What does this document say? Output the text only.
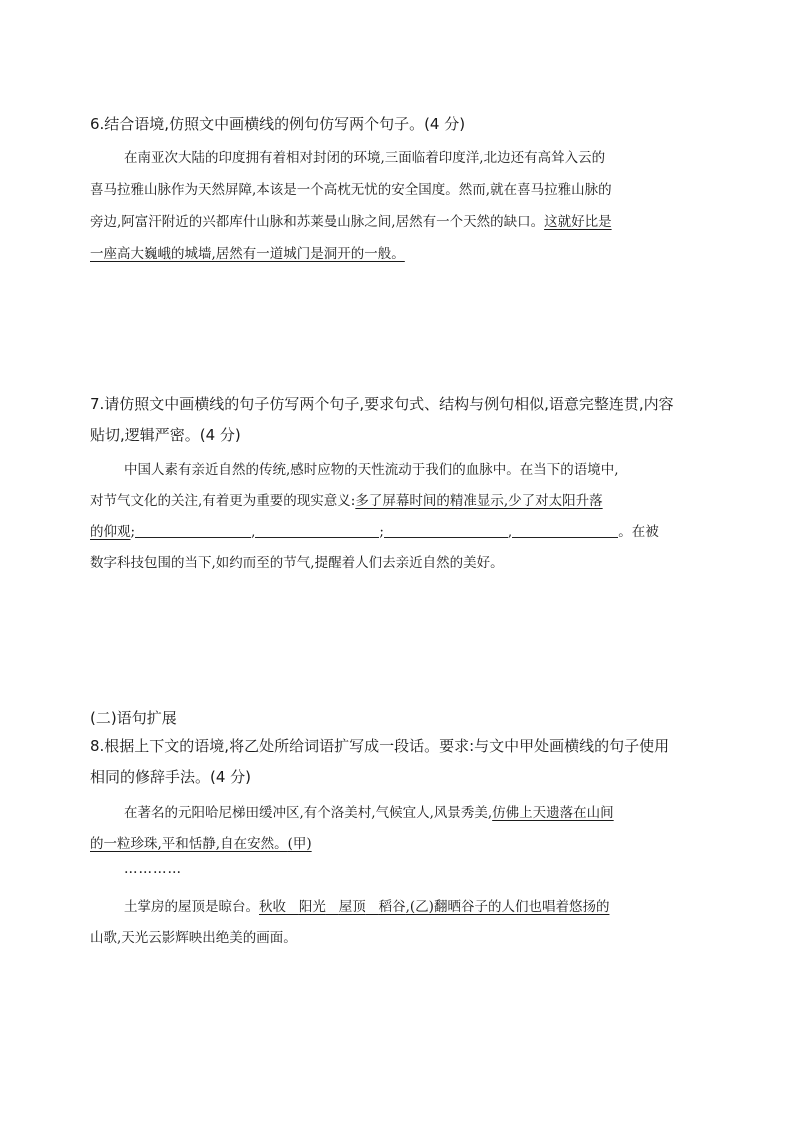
6.结合语境,仿照文中画横线的例句仿写两个句子。(4 分)
在南亚次大陆的印度拥有着相对封闭的环境,三面临着印度洋,北边还有高耸入云的
喜马拉雅山脉作为天然屏障,本该是一个高枕无忧的安全国度。然而,就在喜马拉雅山脉的
旁边,阿富汗附近的兴都库什山脉和苏莱曼山脉之间,居然有一个天然的缺口。这就好比是
一座高大巍峨的城墙,居然有一道城门是洞开的一般。
7.请仿照文中画横线的句子仿写两个句子,要求句式、结构与例句相似,语意完整连贯,内容
贴切,逻辑严密。(4 分)
中国人素有亲近自然的传统,感时应物的天性流动于我们的血脉中。在当下的语境中,
对节气文化的关注,有着更为重要的现实意义:多了屏幕时间的精准显示,少了对太阳升落
的仰观;	,	;	,	。在被
数字科技包围的当下,如约而至的节气,提醒着人们去亲近自然的美好。
(二)语句扩展
8.根据上下文的语境,将乙处所给词语扩写成一段话。要求:与文中甲处画横线的句子使用
相同的修辞手法。(4 分)
在著名的元阳哈尼梯田缓冲区,有个洛美村,气候宜人,风景秀美,仿佛上天遗落在山间
的一粒珍珠,平和恬静,自在安然。(甲)
…………
土掌房的屋顶是晾台。秋收 阳光 屋顶 稻谷,(乙)翻晒谷子的人们也唱着悠扬的
山歌,天光云影辉映出绝美的画面。
